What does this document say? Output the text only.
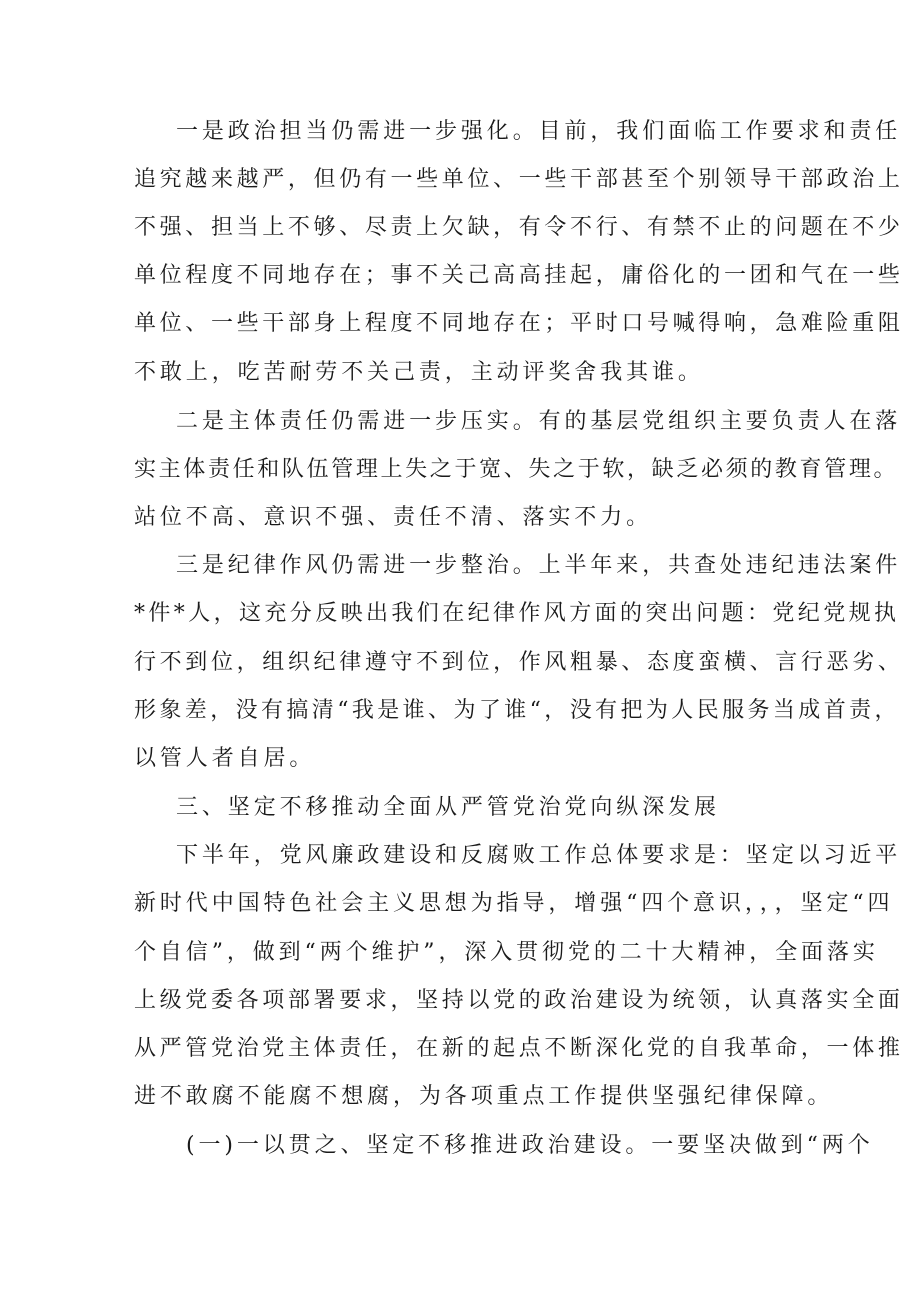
一是政治担当仍需进一步强化。目前，我们面临工作要求和责任
追究越来越严，但仍有一些单位、一些干部甚至个别领导干部政治上
不强、担当上不够、尽责上欠缺，有令不行、有禁不止的问题在不少
单位程度不同地存在；事不关己高高挂起，庸俗化的一团和气在一些
单位、一些干部身上程度不同地存在；平时口号喊得响，急难险重阻
不敢上，吃苦耐劳不关己责，主动评奖舍我其谁。
二是主体责任仍需进一步压实。有的基层党组织主要负责人在落
实主体责任和队伍管理上失之于宽、失之于软，缺乏必须的教育管理。
站位不高、意识不强、责任不清、落实不力。
三是纪律作风仍需进一步整治。上半年来，共查处违纪违法案件
*件*人，这充分反映出我们在纪律作风方面的突出问题：党纪党规执
行不到位，组织纪律遵守不到位，作风粗暴、态度蛮横、言行恶劣、
形象差，没有搞清“我是谁、为了谁“，没有把为人民服务当成首责，
以管人者自居。
三、坚定不移推动全面从严管党治党向纵深发展
下半年，党风廉政建设和反腐败工作总体要求是：坚定以习近平
新时代中国特色社会主义思想为指导，增强“四个意识，，，坚定“四
个自信”，做到“两个维护”，深入贯彻党的二十大精神，全面落实
上级党委各项部署要求，坚持以党的政治建设为统领，认真落实全面
从严管党治党主体责任，在新的起点不断深化党的自我革命，一体推
进不敢腐不能腐不想腐，为各项重点工作提供坚强纪律保障。
(一)一以贯之、坚定不移推进政治建设。一要坚决做到“两个
